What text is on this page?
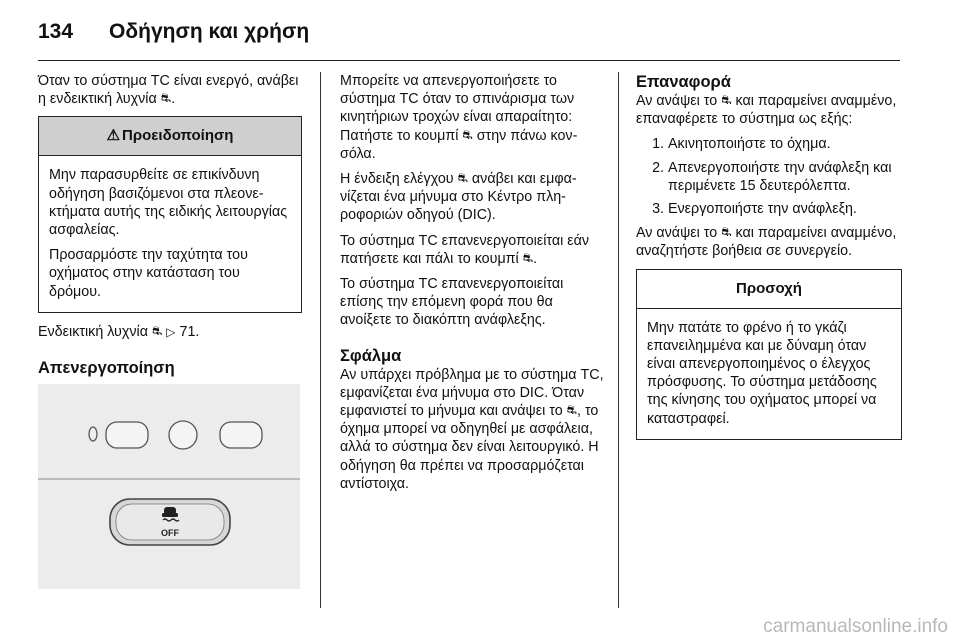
134 Οδήγηση και χρήση

Όταν το σύστημα TC είναι ενεργό, ανάβει η ενδεικτική λυχνία ⛐.

⚠ Προειδοποίηση

Μην παρασυρθείτε σε επικίνδυνη οδήγηση βασιζόμενοι στα πλεονεκτήματα αυτής της ειδικής λειτουργίας ασφαλείας.

Προσαρμόστε την ταχύτητα του οχήματος στην κατάσταση του δρόμου.

Ενδεικτική λυχνία ⛐ ▷ 71.

Απενεργοποίηση

OFF

Μπορείτε να απενεργοποιήσετε το σύστημα TC όταν το σπινάρισμα των κινητήριων τροχών είναι απαραίτητο: Πατήστε το κουμπί ⛐ στην πάνω κονσόλα.

Η ένδειξη ελέγχου ⛐ ανάβει και εμφανίζεται ένα μήνυμα στο Κέντρο πληροφοριών οδηγού (DIC).

Το σύστημα TC επανενεργοποιείται εάν πατήσετε και πάλι το κουμπί ⛐.

Το σύστημα TC επανενεργοποιείται επίσης την επόμενη φορά που θα ανοίξετε το διακόπτη ανάφλεξης.

Σφάλμα

Αν υπάρχει πρόβλημα με το σύστημα TC, εμφανίζεται ένα μήνυμα στο DIC. Όταν εμφανιστεί το μήνυμα και ανάψει το ⛐, το όχημα μπορεί να οδηγηθεί με ασφάλεια, αλλά το σύστημα δεν είναι λειτουργικό. Η οδήγηση θα πρέπει να προσαρμόζεται αντίστοιχα.

Επαναφορά

Αν ανάψει το ⛐ και παραμείνει αναμμένο, επαναφέρετε το σύστημα ως εξής:

1. Ακινητοποιήστε το όχημα.
2. Απενεργοποιήστε την ανάφλεξη και περιμένετε 15 δευτερόλεπτα.
3. Ενεργοποιήστε την ανάφλεξη.

Αν ανάψει το ⛐ και παραμείνει αναμμένο, αναζητήστε βοήθεια σε συνεργείο.

Προσοχή

Μην πατάτε το φρένο ή το γκάζι επανειλημμένα και με δύναμη όταν είναι απενεργοποιημένος ο έλεγχος πρόσφυσης. Το σύστημα μετάδοσης της κίνησης του οχήματος μπορεί να καταστραφεί.

carmanualsonline.info
